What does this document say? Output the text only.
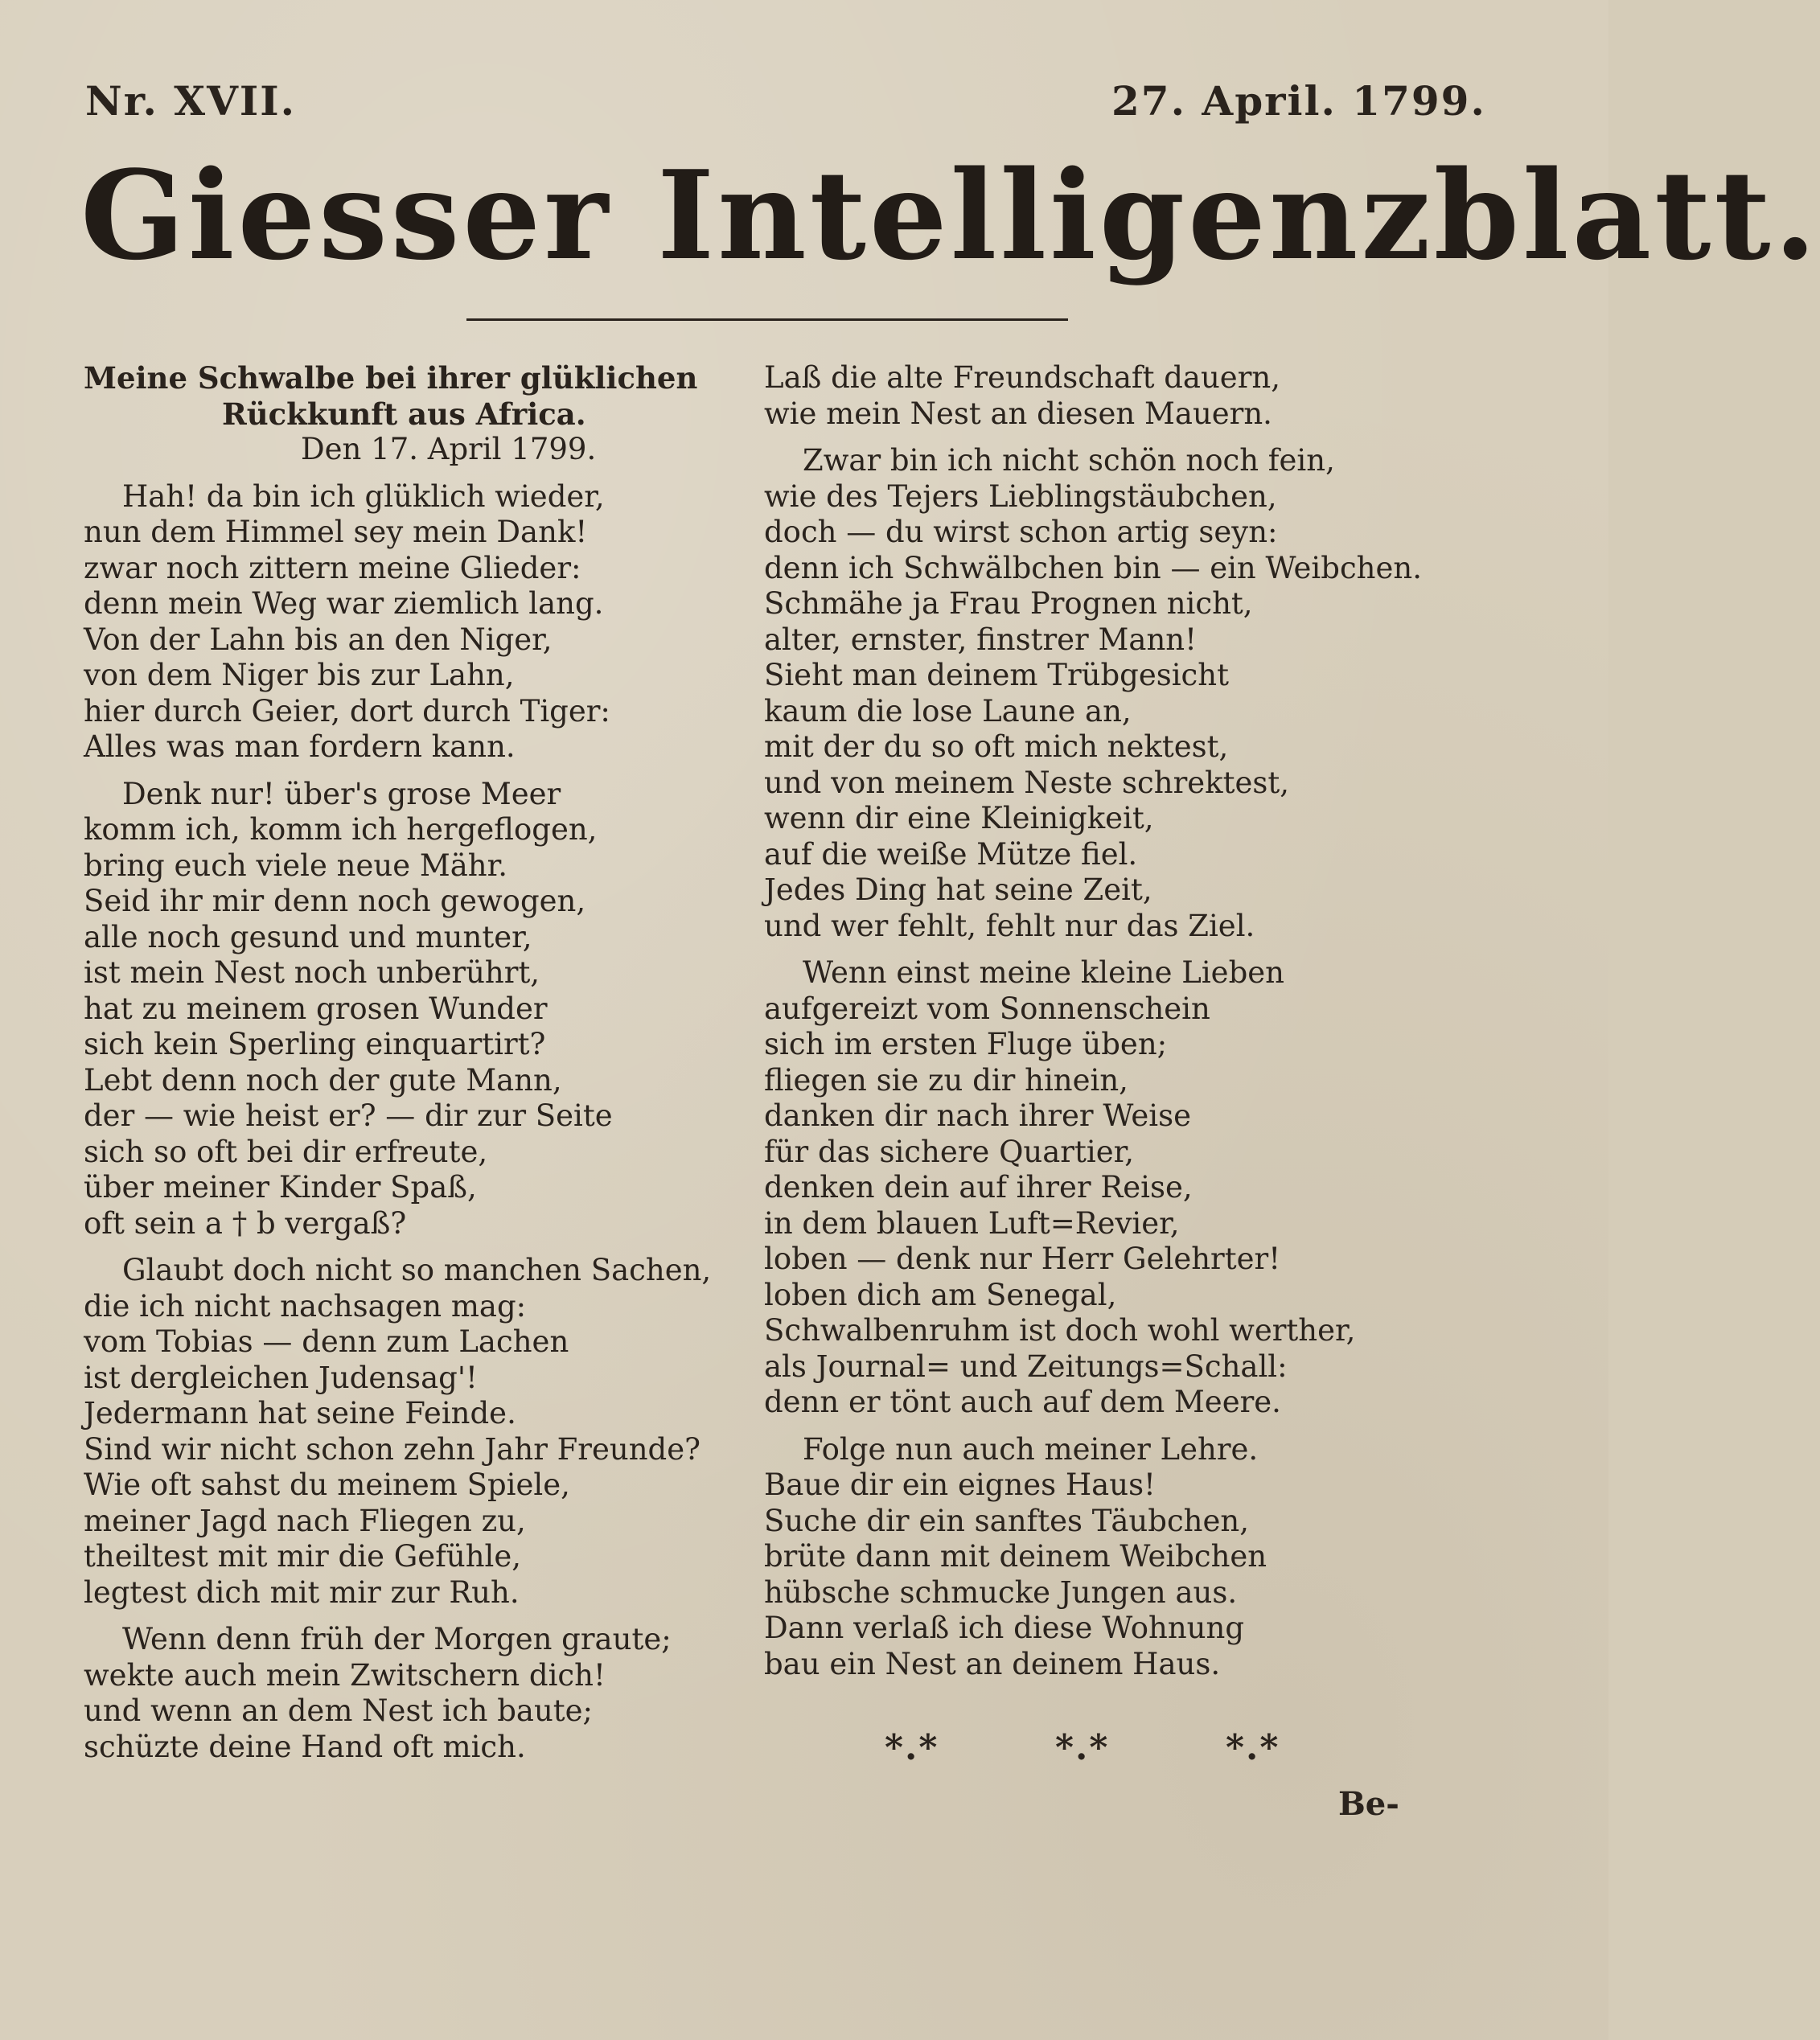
Nr. XVII.	27. April. 1799.
Giesser Intelligenzblatt.
Meine Schwalbe bei ihrer glüklichen
Rückkunft aus Africa.
Den 17. April 1799.
Hah! da bin ich glüklich wieder,
nun dem Himmel sey mein Dank!
zwar noch zittern meine Glieder:
denn mein Weg war ziemlich lang.
Von der Lahn bis an den Niger,
von dem Niger bis zur Lahn,
hier durch Geier, dort durch Tiger:
Alles was man fordern kann.
Denk nur! über's grose Meer
komm ich, komm ich hergeflogen,
bring euch viele neue Mähr.
Seid ihr mir denn noch gewogen,
alle noch gesund und munter,
ist mein Nest noch unberührt,
hat zu meinem grosen Wunder
sich kein Sperling einquartirt?
Lebt denn noch der gute Mann,
der — wie heist er? — dir zur Seite
sich so oft bei dir erfreute,
über meiner Kinder Spaß,
oft sein a † b vergaß?
Glaubt doch nicht so manchen Sachen,
die ich nicht nachsagen mag:
vom Tobias — denn zum Lachen
ist dergleichen Judensag'!
Jedermann hat seine Feinde.
Sind wir nicht schon zehn Jahr Freunde?
Wie oft sahst du meinem Spiele,
meiner Jagd nach Fliegen zu,
theiltest mit mir die Gefühle,
legtest dich mit mir zur Ruh.
Wenn denn früh der Morgen graute;
wekte auch mein Zwitschern dich!
und wenn an dem Nest ich baute;
schüzte deine Hand oft mich.
Laß die alte Freundschaft dauern,
wie mein Nest an diesen Mauern.
Zwar bin ich nicht schön noch fein,
wie des Tejers Lieblingstäubchen,
doch — du wirst schon artig seyn:
denn ich Schwälbchen bin — ein Weibchen.
Schmähe ja Frau Prognen nicht,
alter, ernster, finstrer Mann!
Sieht man deinem Trübgesicht
kaum die lose Laune an,
mit der du so oft mich nektest,
und von meinem Neste schrektest,
wenn dir eine Kleinigkeit,
auf die weiße Mütze fiel.
Jedes Ding hat seine Zeit,
und wer fehlt, fehlt nur das Ziel.
Wenn einst meine kleine Lieben
aufgereizt vom Sonnenschein
sich im ersten Fluge üben;
fliegen sie zu dir hinein,
danken dir nach ihrer Weise
für das sichere Quartier,
denken dein auf ihrer Reise,
in dem blauen Luft=Revier,
loben — denk nur Herr Gelehrter!
loben dich am Senegal,
Schwalbenruhm ist doch wohl werther,
als Journal= und Zeitungs=Schall:
denn er tönt auch auf dem Meere.
Folge nun auch meiner Lehre.
Baue dir ein eignes Haus!
Suche dir ein sanftes Täubchen,
brüte dann mit deinem Weibchen
hübsche schmucke Jungen aus.
Dann verlaß ich diese Wohnung
bau ein Nest an deinem Haus.
*.*	*.*	*.*
Be-
